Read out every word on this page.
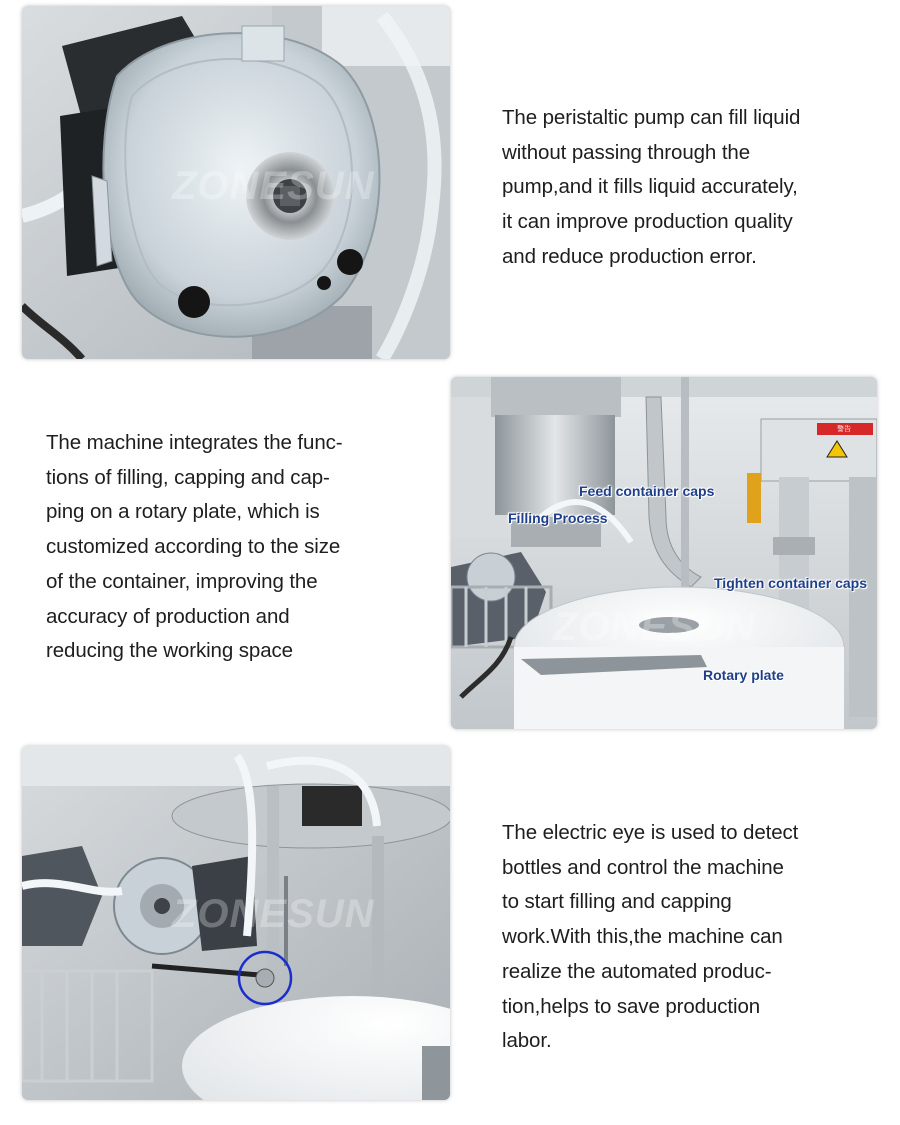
ZONESUN
The peristaltic pump can fill liquid
without passing through the
pump,and it fills liquid accurately,
it can improve production quality
and reduce production error.
The machine integrates the func-
tions of filling, capping and cap-
ping on a rotary plate, which is
customized according to the size
of the container, improving the
accuracy of production and
reducing the working space
ZONESUN
警告
Feed container caps
Filling Process
Tighten container caps
Rotary plate
ZONESUN
The electric eye is used to detect
bottles and control the machine
to start filling and capping
work.With this,the machine can
realize the automated produc-
tion,helps to save production
labor.
